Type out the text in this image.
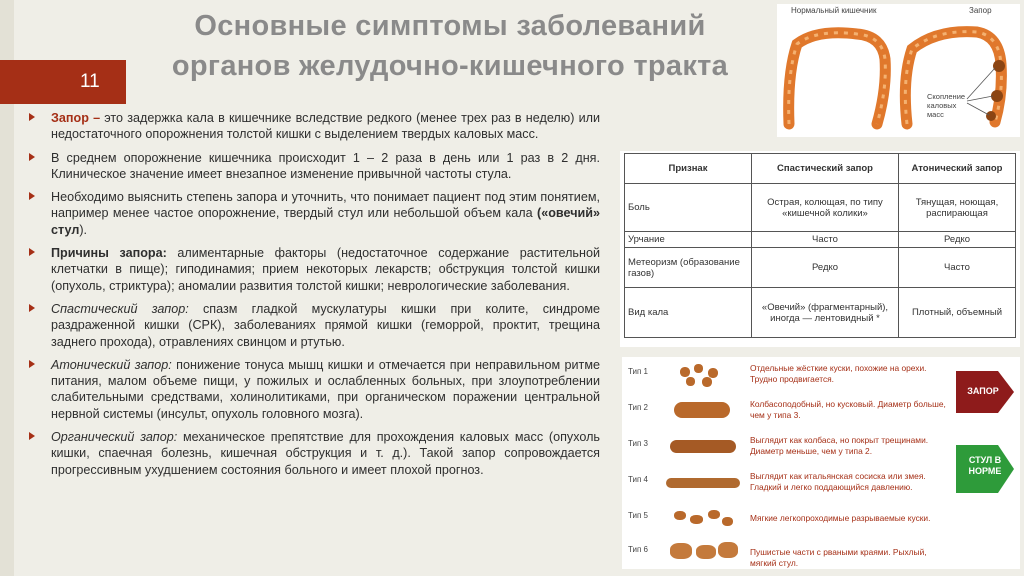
Основные симптомы заболеваний
органов желудочно-кишечного тракта
11
Запор – это задержка кала в кишечнике вследствие редкого (менее трех раз в неделю) или недостаточного опорожнения толстой кишки с выделением твердых каловых масс.
В среднем опорожнение кишечника происходит 1 – 2 раза в день или 1 раз в 2 дня. Клиническое значение имеет внезапное изменение привычной частоты стула.
Необходимо выяснить степень запора и уточнить, что понимает пациент под этим понятием, например менее частое опорожнение, твердый стул или небольшой объем кала («овечий» стул).
Причины запора: алиментарные факторы (недостаточное содержание растительной клетчатки в пище); гиподинамия; прием некоторых лекарств; обструкция толстой кишки (опухоль, стриктура); аномалии развития толстой кишки; неврологические заболевания.
Спастический запор: спазм гладкой мускулатуры кишки при колите, синдроме раздраженной кишки (СРК), заболеваниях прямой кишки (геморрой, проктит, трещина заднего прохода), отравлениях свинцом и ртутью.
Атонический запор: понижение тонуса мышц кишки и отмечается при неправильном ритме питания, малом объеме пищи, у пожилых и ослабленных больных, при злоупотреблении слабительными средствами, холинолитиками, при органическом поражении центральной нервной системы (инсульт, опухоль головного мозга).
Органический запор: механическое препятствие для прохождения каловых масс (опухоль кишки, спаечная болезнь, кишечная обструкция и т. д.). Такой запор сопровождается прогрессивным ухудшением состояния больного и имеет плохой прогноз.
Нормальный кишечник	Запор
Скопление каловых масс
Признак	Спастический запор	Атонический запор
Боль	Острая, колющая, по типу «кишечной колики»	Тянущая, ноющая, распирающая
Урчание	Часто	Редко
Метеоризм (образование газов)	Редко	Часто
Вид кала	«Овечий» (фрагментарный), иногда — лентовидный *	Плотный, объемный
Тип 1	Отдельные жёсткие куски, похожие на орехи. Трудно продвигается.
Тип 2	Колбасоподобный, но кусковый. Диаметр больше, чем у типа 3.
Тип 3	Выглядит как колбаса, но покрыт трещинами. Диаметр меньше, чем у типа 2.
Тип 4	Выглядит как итальянская сосиска или змея. Гладкий и легко поддающийся давлению.
Тип 5	Мягкие легкопроходимые разрываемые куски.
Тип 6	Пушистые части с рваными краями. Рыхлый, мягкий стул.
ЗАПОР
СТУЛ В НОРМЕ
